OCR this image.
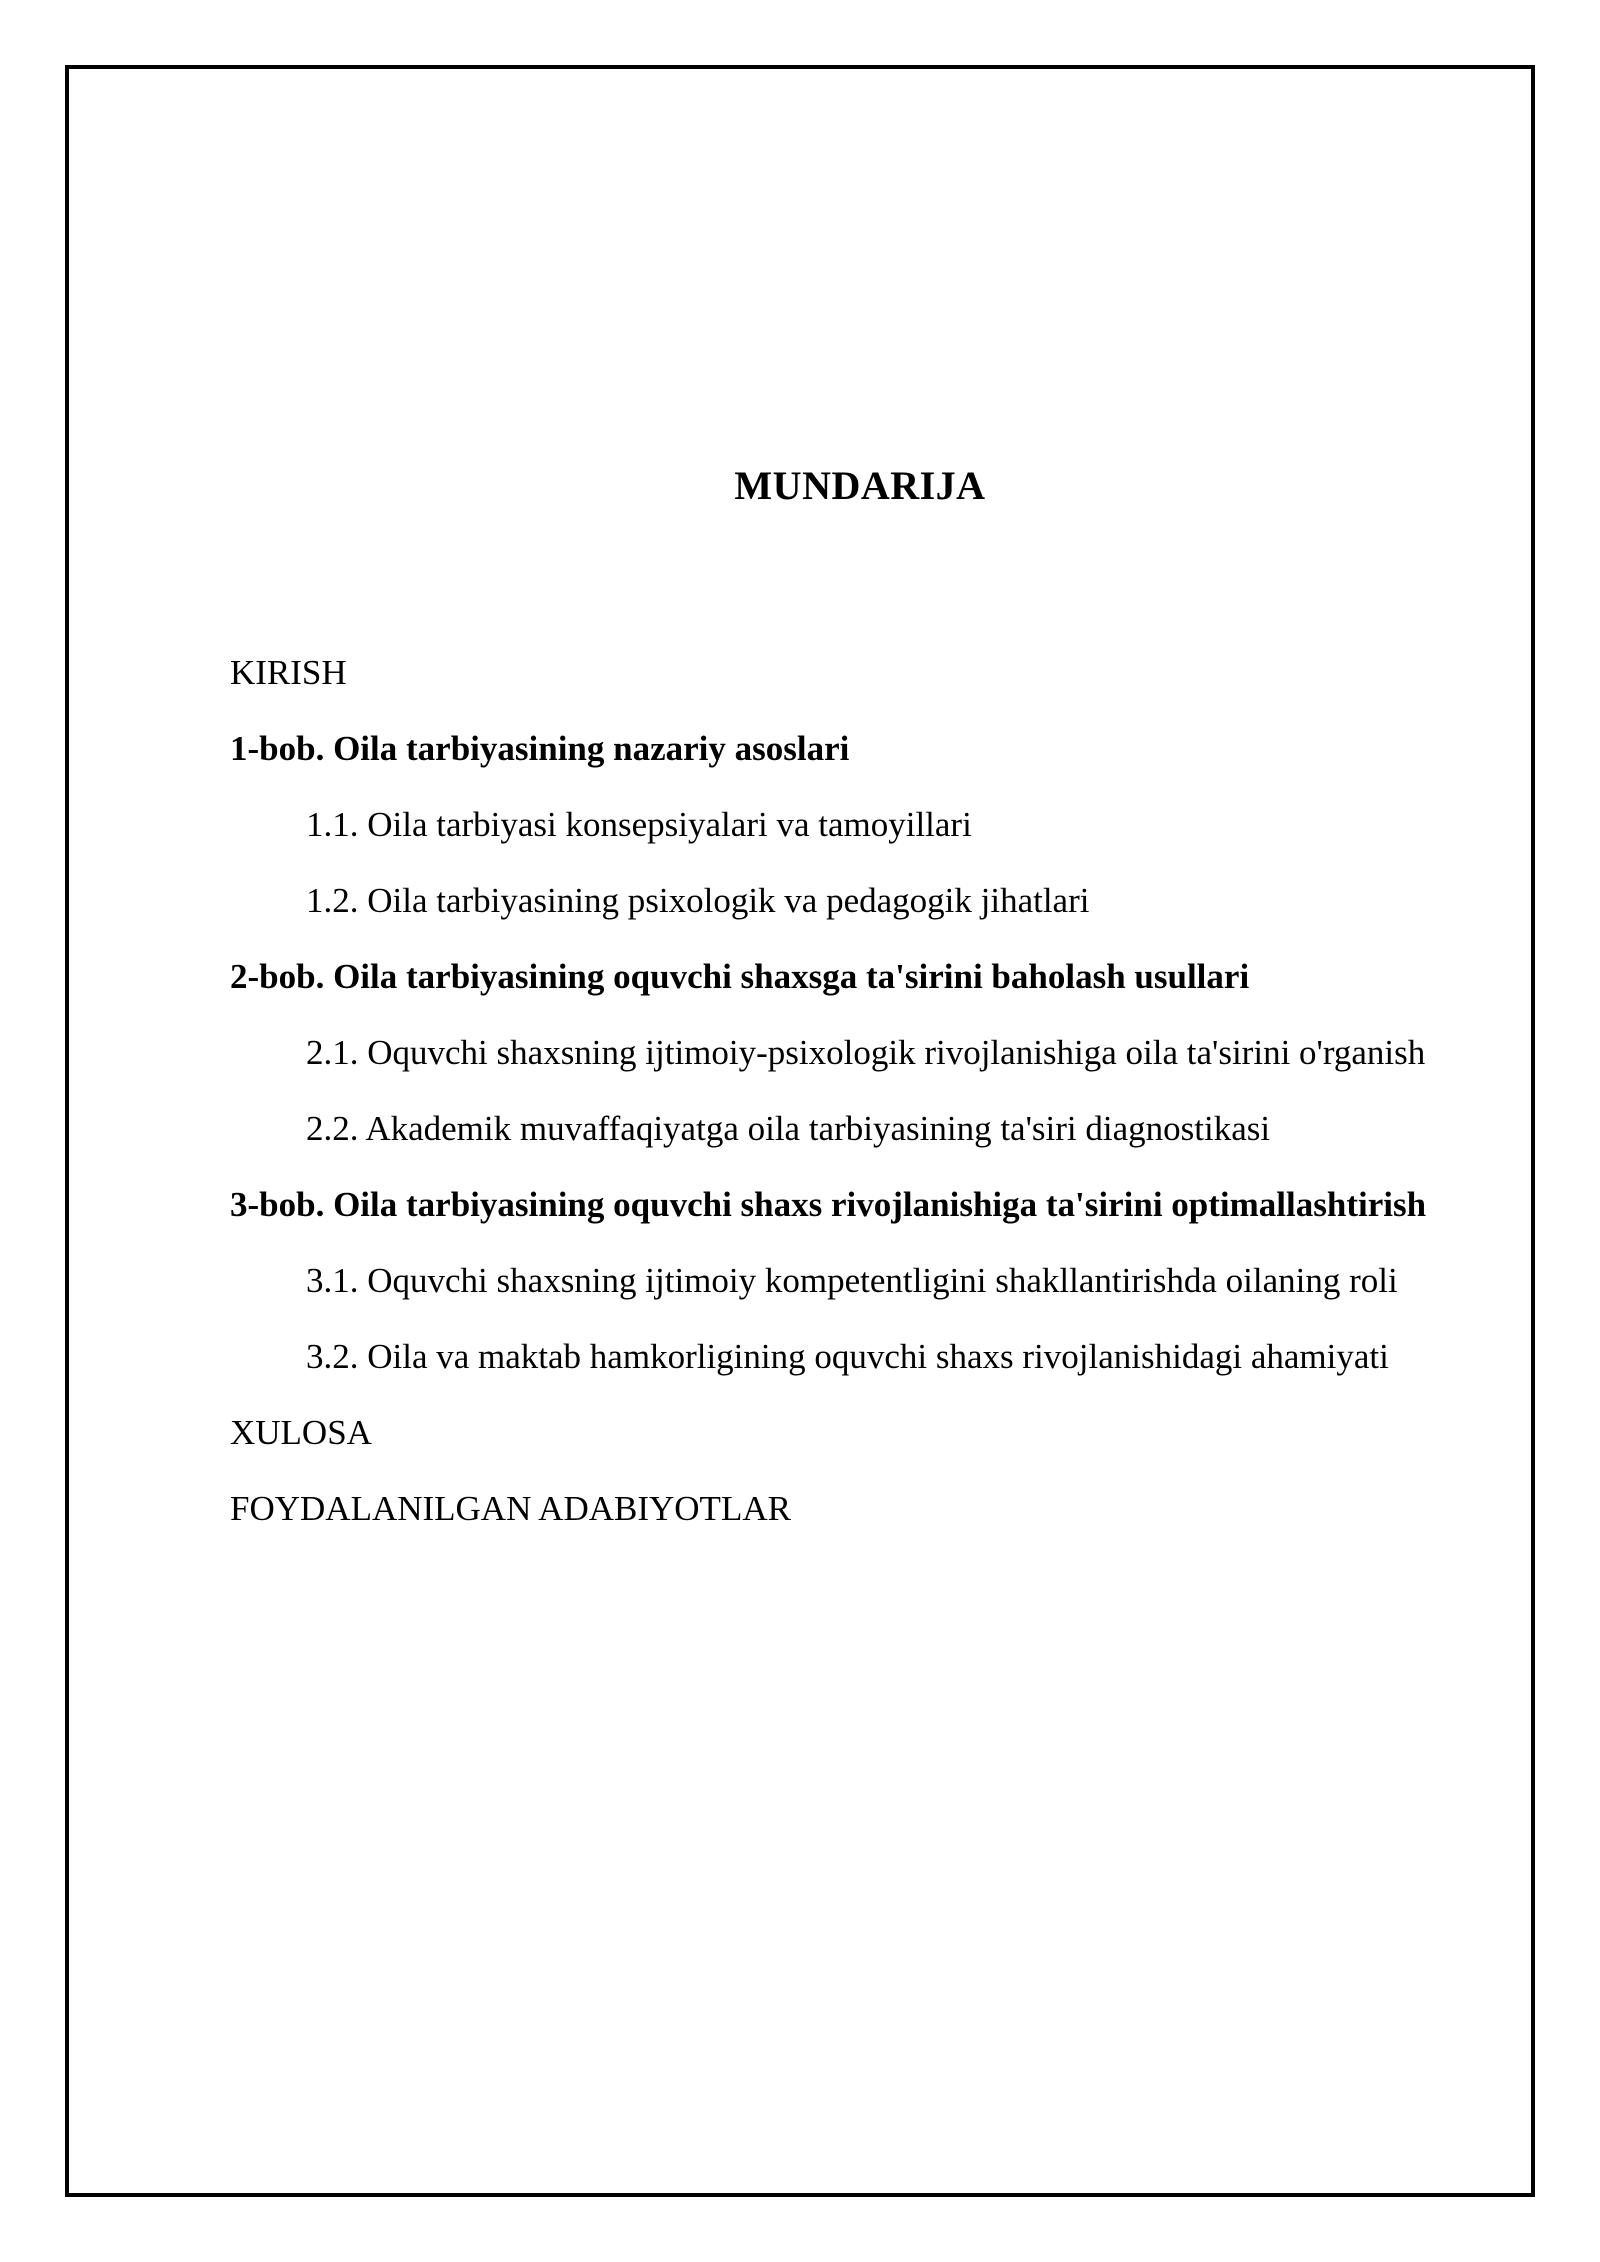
MUNDARIJA

KIRISH

1-bob. Oila tarbiyasining nazariy asoslari

1.1. Oila tarbiyasi konsepsiyalari va tamoyillari

1.2. Oila tarbiyasining psixologik va pedagogik jihatlari

2-bob. Oila tarbiyasining oquvchi shaxsga ta'sirini baholash usullari

2.1. Oquvchi shaxsning ijtimoiy-psixologik rivojlanishiga oila ta'sirini o'rganish

2.2. Akademik muvaffaqiyatga oila tarbiyasining ta'siri diagnostikasi

3-bob. Oila tarbiyasining oquvchi shaxs rivojlanishiga ta'sirini optimallashtirish

3.1. Oquvchi shaxsning ijtimoiy kompetentligini shakllantirishda oilaning roli

3.2. Oila va maktab hamkorligining oquvchi shaxs rivojlanishidagi ahamiyati

XULOSA

FOYDALANILGAN ADABIYOTLAR
